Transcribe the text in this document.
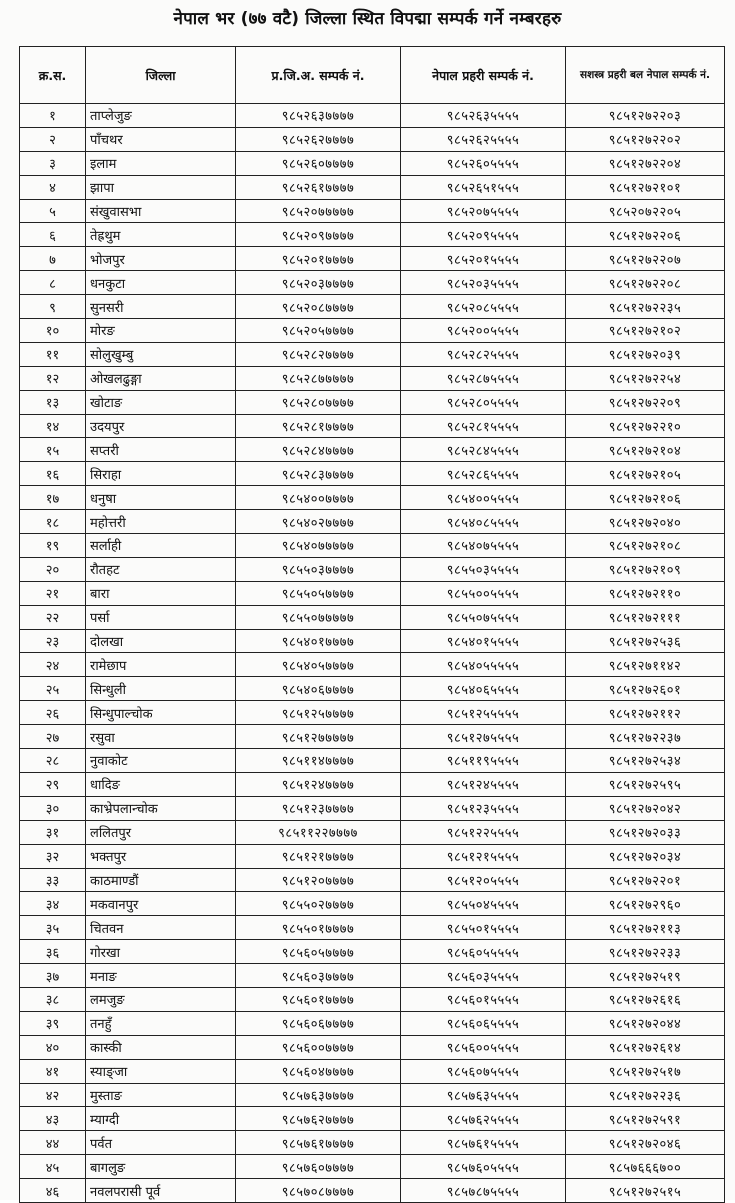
नेपाल भर (७७ वटै) जिल्ला स्थित विपद्मा सम्पर्क गर्ने नम्बरहरु
क्र.स.	जिल्ला	प्र.जि.अ. सम्पर्क नं.	नेपाल प्रहरी सम्पर्क नं.	सशस्त्र प्रहरी बल नेपाल सम्पर्क नं.
१	ताप्लेजुङ	९८५२६३७७७७	९८५२६३५५५५	९८५१२७२२०३
२	पाँचथर	९८५२६२७७७७	९८५२६२५५५५	९८५१२७२२०२
३	इलाम	९८५२६०७७७७	९८५२६०५५५५	९८५१२७२२०४
४	झापा	९८५२६१७७७७	९८५२६५१५५५	९८५१२७२१०१
५	संखुवासभा	९८५२०७७७७७	९८५२०७५५५५	९८५२०७२२०५
६	तेह्रथुम	९८५२०९७७७७	९८५२०९५५५५	९८५१२७२२०६
७	भोजपुर	९८५२०१७७७७	९८५२०१५५५५	९८५१२७२२०७
८	धनकुटा	९८५२०३७७७७	९८५२०३५५५५	९८५१२७२२०८
९	सुनसरी	९८५२०८७७७७	९८५२०८५५५५	९८५१२७२२३५
१०	मोरङ	९८५२०५७७७७	९८५२००५५५५	९८५१२७२१०२
११	सोलुखुम्बु	९८५२८२७७७७	९८५२८२५५५५	९८५१२७२०३९
१२	ओखलढुङ्गा	९८५२८७७७७७	९८५२८७५५५५	९८५१२७२२५४
१३	खोटाङ	९८५२८०७७७७	९८५२८०५५५५	९८५१२७२२०९
१४	उदयपुर	९८५२८१७७७७	९८५२८१५५५५	९८५१२७२२१०
१५	सप्तरी	९८५२८४७७७७	९८५२८४५५५५	९८५१२७२१०४
१६	सिराहा	९८५२८३७७७७	९८५२८६५५५५	९८५१२७२१०५
१७	धनुषा	९८५४००७७७७	९८५४००५५५५	९८५१२७२१०६
१८	महोत्तरी	९८५४०२७७७७	९८५४०८५५५५	९८५१२७२०४०
१९	सर्लाही	९८५४०७७७७७	९८५४०७५५५५	९८५१२७२१०८
२०	रौतहट	९८५५०३७७७७	९८५५०३५५५५	९८५१२७२१०९
२१	बारा	९८५५०५७७७७	९८५५००५५५५	९८५१२७२११०
२२	पर्सा	९८५५०७७७७७	९८५५०७५५५५	९८५१२७२१११
२३	दोलखा	९८५४०१७७७७	९८५४०१५५५५	९८५१२७२५३६
२४	रामेछाप	९८५४०५७७७७	९८५४०५५५५५	९८५१२७११४२
२५	सिन्धुली	९८५४०६७७७७	९८५४०६५५५५	९८५१२७२६०१
२६	सिन्धुपाल्चोक	९८५१२५७७७७	९८५१२५५५५५	९८५१२७२११२
२७	रसुवा	९८५१२७७७७७	९८५१२७५५५५	९८५१२७२२३७
२८	नुवाकोट	९८५११४७७७७	९८५११९५५५५	९८५१२७२५३४
२९	धादिङ	९८५१२४७७७७	९८५१२४५५५५	९८५१२७२५९५
३०	काभ्रेपलान्चोक	९८५१२३७७७७	९८५१२३५५५५	९८५१२७२०४२
३१	ललितपुर	९८५११२२७७७७	९८५१२२५५५५	९८५१२७२०३३
३२	भक्तपुर	९८५१२१७७७७	९८५१२१५५५५	९८५१२७२०३४
३३	काठमाण्डौं	९८५१२०७७७७	९८५१२०५५५५	९८५१२७२२०१
३४	मकवानपुर	९८५५०२७७७७	९८५५०४५५५५	९८५१२७२९६०
३५	चितवन	९८५५०१७७७७	९८५५०१५५५५	९८५१२७२११३
३६	गोरखा	९८५६०५७७७७	९८५६०५५५५५	९८५१२७२२३३
३७	मनाङ	९८५६०३७७७७	९८५६०३५५५५	९८५१२७२५१९
३८	लमजुङ	९८५६०१७७७७	९८५६०१५५५५	९८५१२७२६१६
३९	तनहुँ	९८५६०६७७७७	९८५६०६५५५५	९८५१२७२०४४
४०	कास्की	९८५६००७७७७	९८५६००५५५५	९८५१२७२६१४
४१	स्याङ्जा	९८५६०४७७७७	९८५६०७५५५५	९८५१२७२५१७
४२	मुस्ताङ	९८५७६३७७७७	९८५७६३५५५५	९८५१२७२२३६
४३	म्याग्दी	९८५७६२७७७७	९८५७६२५५५५	९८५१२७२५९१
४४	पर्वत	९८५७६१७७७७	९८५७६१५५५५	९८५१२७२०४६
४५	बागलुङ	९८५७६०७७७७	९८५७६०५५५५	९८५७६६६७००
४६	नवलपरासी पूर्व	९८५७०८७७७७	९८५७८७५५५५	९८५१२७२५१५
